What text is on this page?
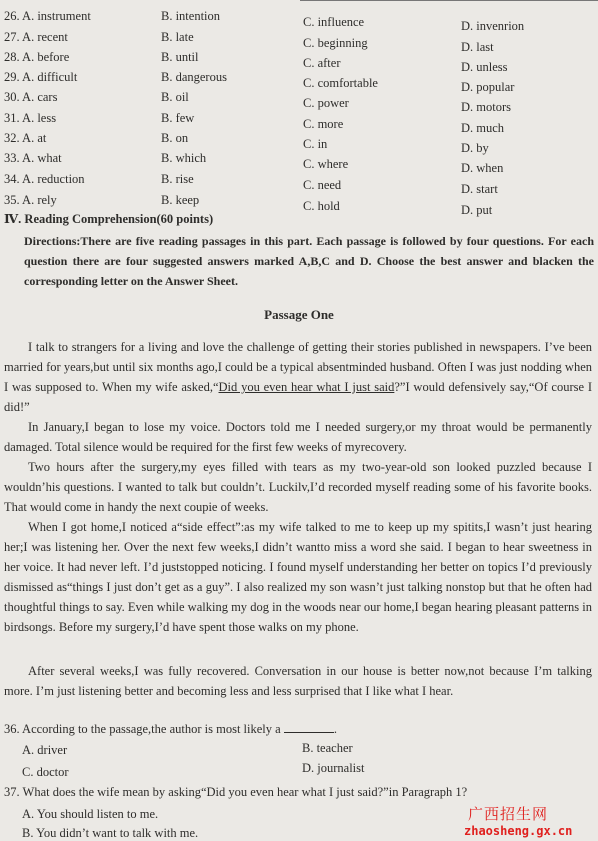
26. A. instrument	B. intention	C. influence	D. invenrion
27. A. recent	B. late	C. beginning	D. last
28. A. before	B. until	C. after	D. unless
29. A. difficult	B. dangerous	C. comfortable	D. popular
30. A. cars	B. oil	C. power	D. motors
31. A. less	B. few	C. more	D. much
32. A. at	B. on	C. in	D. by
33. A. what	B. which	C. where	D. when
34. A. reduction	B. rise	C. need	D. start
35. A. rely	B. keep	C. hold	D. put
Ⅳ. Reading Comprehension(60 points)
Directions:There are five reading passages in this part. Each passage is followed by four questions. For each question there are four suggested answers marked A,B,C and D. Choose the best answer and blacken the corresponding letter on the Answer Sheet.
Passage One
I talk to strangers for a living and love the challenge of getting their stories published in newspapers. I’ve been married for years,but until six months ago,I could be a typical absentminded husband. Often I was just nodding when I was supposed to. When my wife asked,“Did you even hear what I just said?”I would defensively say,“Of course I did!”
In January,I began to lose my voice. Doctors told me I needed surgery,or my throat would be permanently damaged. Total silence would be required for the first few weeks of myrecovery.
Two hours after the surgery,my eyes filled with tears as my two-year-old son looked puzzled because I wouldn’his questions. I wanted to talk but couldn’t. Luckilv,I’d recorded myself reading some of his favorite books. That would come in handy the next coupie of weeks.
When I got home,I noticed a“side effect”:as my wife talked to me to keep up my spitits,I wasn’t just hearing her;I was listening her. Over the next few weeks,I didn’t wantto miss a word she said. I began to hear sweetness in her voice. It had never left. I’d juststopped noticing. I found myself understanding her better on topics I’d previously dismissed as“things I just don’t get as a guy”. I also realized my son wasn’t just talking nonstop but that he often had thoughtful things to say. Even while walking my dog in the woods near our home,I began hearing pleasant patterns in birdsongs. Before my surgery,I’d have spent those walks on my phone.
After several weeks,I was fully recovered. Conversation in our house is better now,not because I’m talking more. I’m just listening better and becoming less and less surprised that I like what I hear.
36. According to the passage,the author is most likely a	.
A. driver	B. teacher
C. doctor	D. journalist
37. What does the wife mean by asking“Did you even hear what I just said?”in Paragraph 1?
A. You should listen to me.
B. You didn’t want to talk with me.
广西招生网
zhaosheng.gx.cn
